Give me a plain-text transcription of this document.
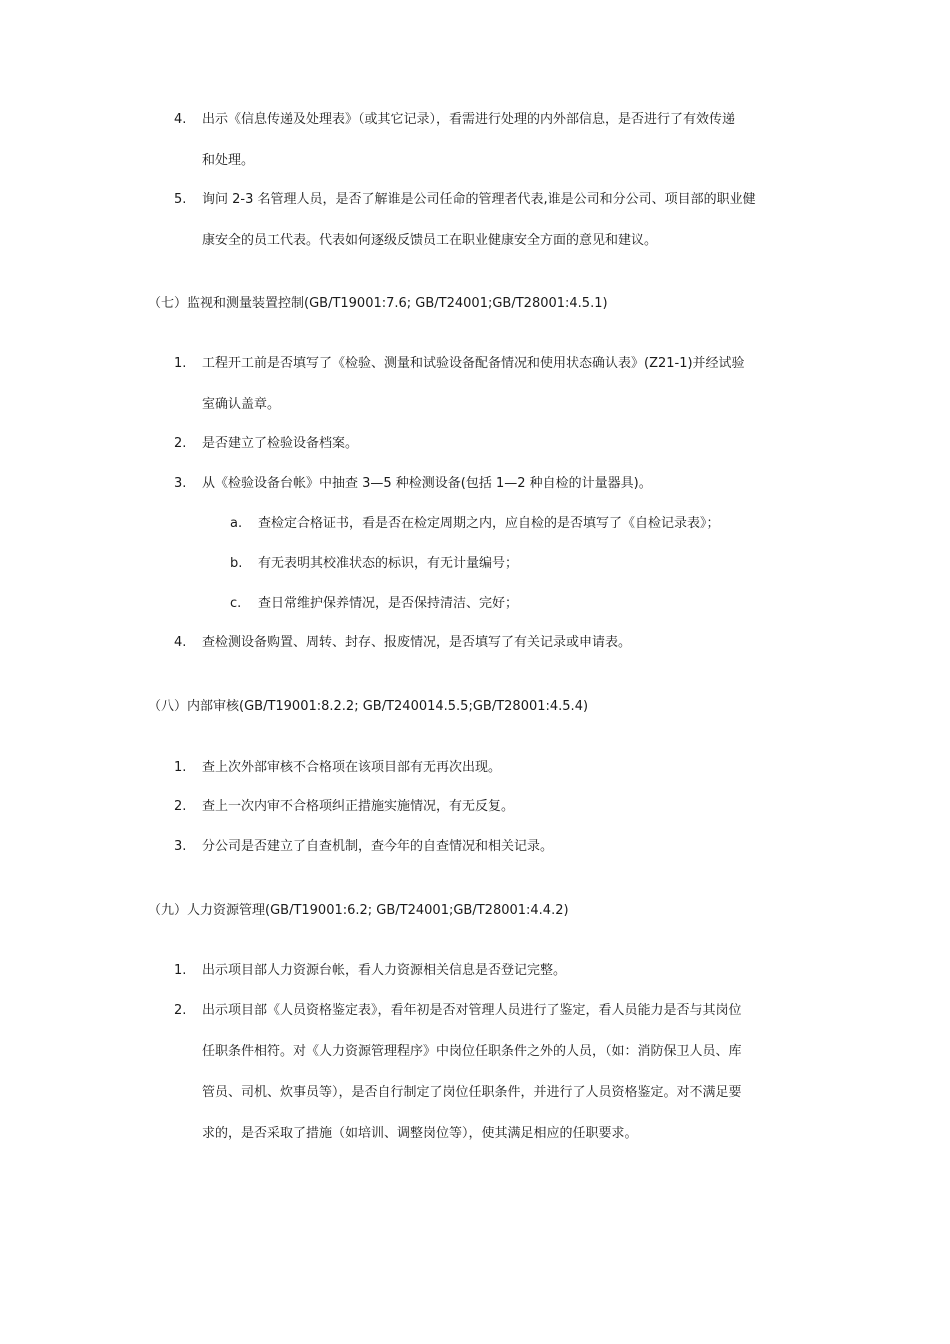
4.	出示《信息传递及处理表》（或其它记录），看需进行处理的内外部信息，是否进行了有效传递
和处理。
5.	询问 2-3 名管理人员，是否了解谁是公司任命的管理者代表,谁是公司和分公司、项目部的职业健
康安全的员工代表。代表如何逐级反馈员工在职业健康安全方面的意见和建议。
（七）监视和测量装置控制(GB/T19001:7.6; GB/T24001;GB/T28001:4.5.1)
1.	工程开工前是否填写了《检验、测量和试验设备配备情况和使用状态确认表》(Z21-1)并经试验
室确认盖章。
2.	是否建立了检验设备档案。
3.	从《检验设备台帐》中抽查 3—5 种检测设备(包括 1—2 种自检的计量器具)。
a.	查检定合格证书，看是否在检定周期之内，应自检的是否填写了《自检记录表》；
b.	有无表明其校准状态的标识，有无计量编号；
c.	查日常维护保养情况，是否保持清洁、完好；
4.	查检测设备购置、周转、封存、报废情况，是否填写了有关记录或申请表。
（八）内部审核(GB/T19001:8.2.2; GB/T240014.5.5;GB/T28001:4.5.4)
1.	查上次外部审核不合格项在该项目部有无再次出现。
2.	查上一次内审不合格项纠正措施实施情况，有无反复。
3.	分公司是否建立了自查机制，查今年的自查情况和相关记录。
（九）人力资源管理(GB/T19001:6.2; GB/T24001;GB/T28001:4.4.2)
1.	出示项目部人力资源台帐，看人力资源相关信息是否登记完整。
2.	出示项目部《人员资格鉴定表》，看年初是否对管理人员进行了鉴定，看人员能力是否与其岗位
任职条件相符。对《人力资源管理程序》中岗位任职条件之外的人员，（如：消防保卫人员、库
管员、司机、炊事员等），是否自行制定了岗位任职条件，并进行了人员资格鉴定。对不满足要
求的，是否采取了措施（如培训、调整岗位等），使其满足相应的任职要求。
